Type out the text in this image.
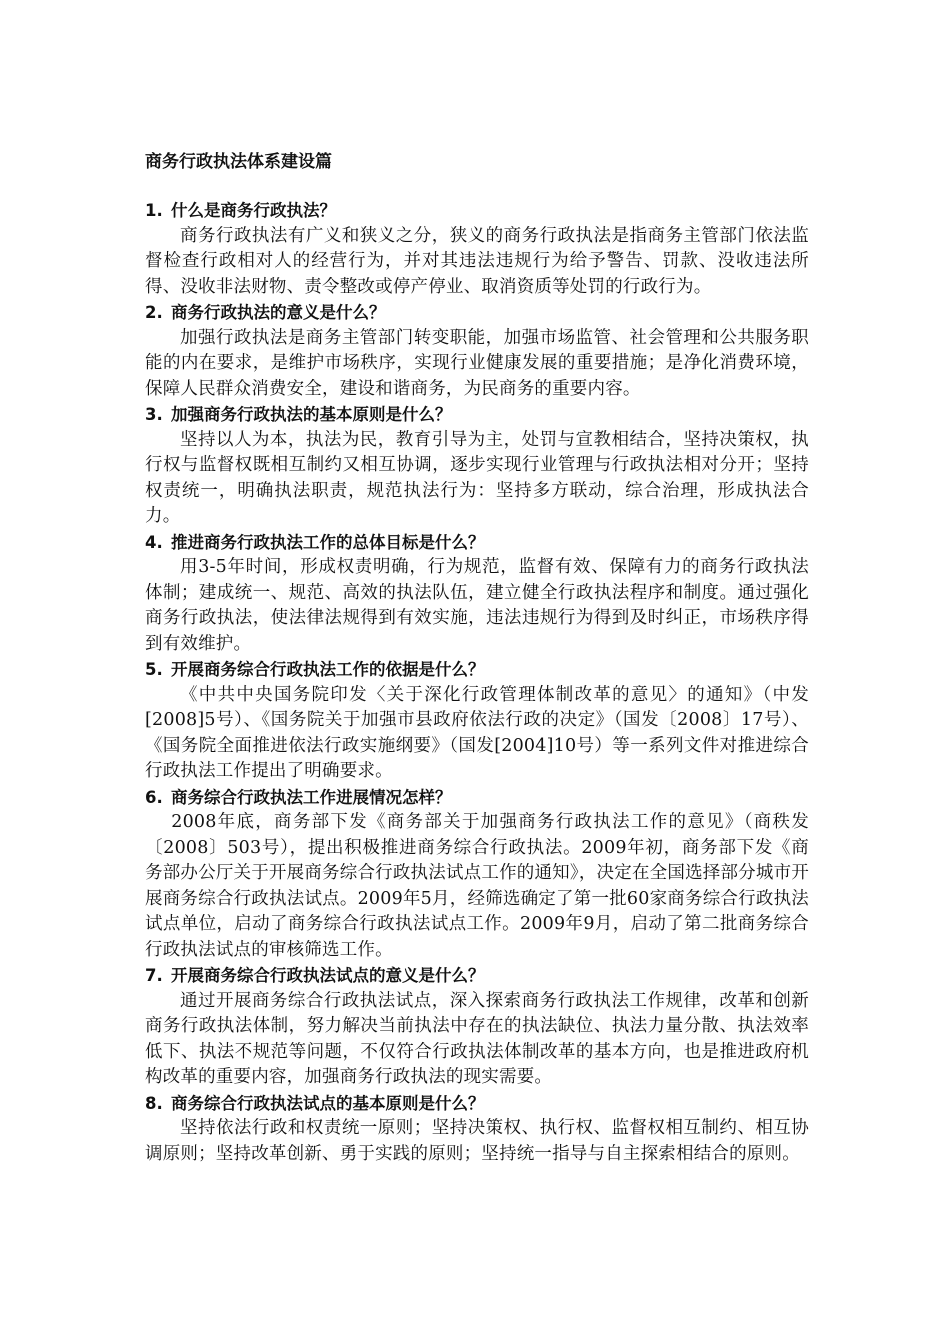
商务行政执法体系建设篇

1. 什么是商务行政执法？

商务行政执法有广义和狭义之分，狭义的商务行政执法是指商务主管部门依法监督检查行政相对人的经营行为，并对其违法违规行为给予警告、罚款、没收违法所得、没收非法财物、责令整改或停产停业、取消资质等处罚的行政行为。

2. 商务行政执法的意义是什么？

加强行政执法是商务主管部门转变职能，加强市场监管、社会管理和公共服务职能的内在要求，是维护市场秩序，实现行业健康发展的重要措施；是净化消费环境，保障人民群众消费安全，建设和谐商务，为民商务的重要内容。

3. 加强商务行政执法的基本原则是什么？

坚持以人为本，执法为民，教育引导为主，处罚与宣教相结合，坚持决策权，执行权与监督权既相互制约又相互协调，逐步实现行业管理与行政执法相对分开；坚持权责统一，明确执法职责，规范执法行为：坚持多方联动，综合治理，形成执法合力。

4. 推进商务行政执法工作的总体目标是什么？

用3-5年时间，形成权责明确，行为规范，监督有效、保障有力的商务行政执法体制；建成统一、规范、高效的执法队伍，建立健全行政执法程序和制度。通过强化商务行政执法，使法律法规得到有效实施，违法违规行为得到及时纠正，市场秩序得到有效维护。

5. 开展商务综合行政执法工作的依据是什么？

《中共中央国务院印发〈关于深化行政管理体制改革的意见〉的通知》（中发[2008]5号）、《国务院关于加强市县政府依法行政的决定》（国发〔2008〕17号）、《国务院全面推进依法行政实施纲要》（国发[2004]10号）等一系列文件对推进综合行政执法工作提出了明确要求。

6. 商务综合行政执法工作进展情况怎样？

2008年底，商务部下发《商务部关于加强商务行政执法工作的意见》（商秩发〔2008〕503号），提出积极推进商务综合行政执法。2009年初，商务部下发《商务部办公厅关于开展商务综合行政执法试点工作的通知》，决定在全国选择部分城市开展商务综合行政执法试点。2009年5月，经筛选确定了第一批60家商务综合行政执法试点单位，启动了商务综合行政执法试点工作。2009年9月，启动了第二批商务综合行政执法试点的审核筛选工作。

7. 开展商务综合行政执法试点的意义是什么？

通过开展商务综合行政执法试点，深入探索商务行政执法工作规律，改革和创新商务行政执法体制，努力解决当前执法中存在的执法缺位、执法力量分散、执法效率低下、执法不规范等问题，不仅符合行政执法体制改革的基本方向，也是推进政府机构改革的重要内容，加强商务行政执法的现实需要。

8. 商务综合行政执法试点的基本原则是什么？

坚持依法行政和权责统一原则；坚持决策权、执行权、监督权相互制约、相互协调原则；坚持改革创新、勇于实践的原则；坚持统一指导与自主探索相结合的原则。
